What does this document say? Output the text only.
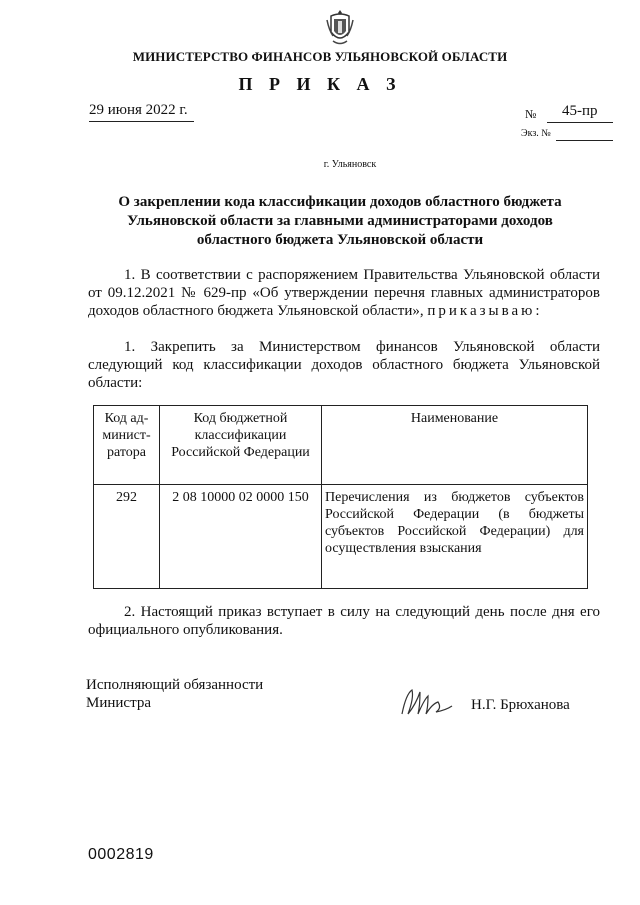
МИНИСТЕРСТВО ФИНАНСОВ УЛЬЯНОВСКОЙ ОБЛАСТИ
П Р И К А З
29 июня 2022 г.	№ 45-пр
Экз. №
г. Ульяновск
О закреплении кода классификации доходов областного бюджета Ульяновской области за главными администраторами доходов областного бюджета Ульяновской области
1. В соответствии с распоряжением Правительства Ульяновской области от 09.12.2021 № 629-пр «Об утверждении перечня главных администраторов доходов областного бюджета Ульяновской области», приказываю:
1. Закрепить за Министерством финансов Ульяновской области следующий код классификации доходов областного бюджета Ульяновской области:
Код ад-
минист-
ратора	Код бюджетной классификации Российской Федерации	Наименование
292	2 08 10000 02 0000 150	Перечисления из бюджетов субъектов Российской Федерации (в бюджеты субъектов Российской Федерации) для осуществления взыскания
2. Настоящий приказ вступает в силу на следующий день после дня его официального опубликования.
Исполняющий обязанности
Министра	Н.Г. Брюханова
0002819
